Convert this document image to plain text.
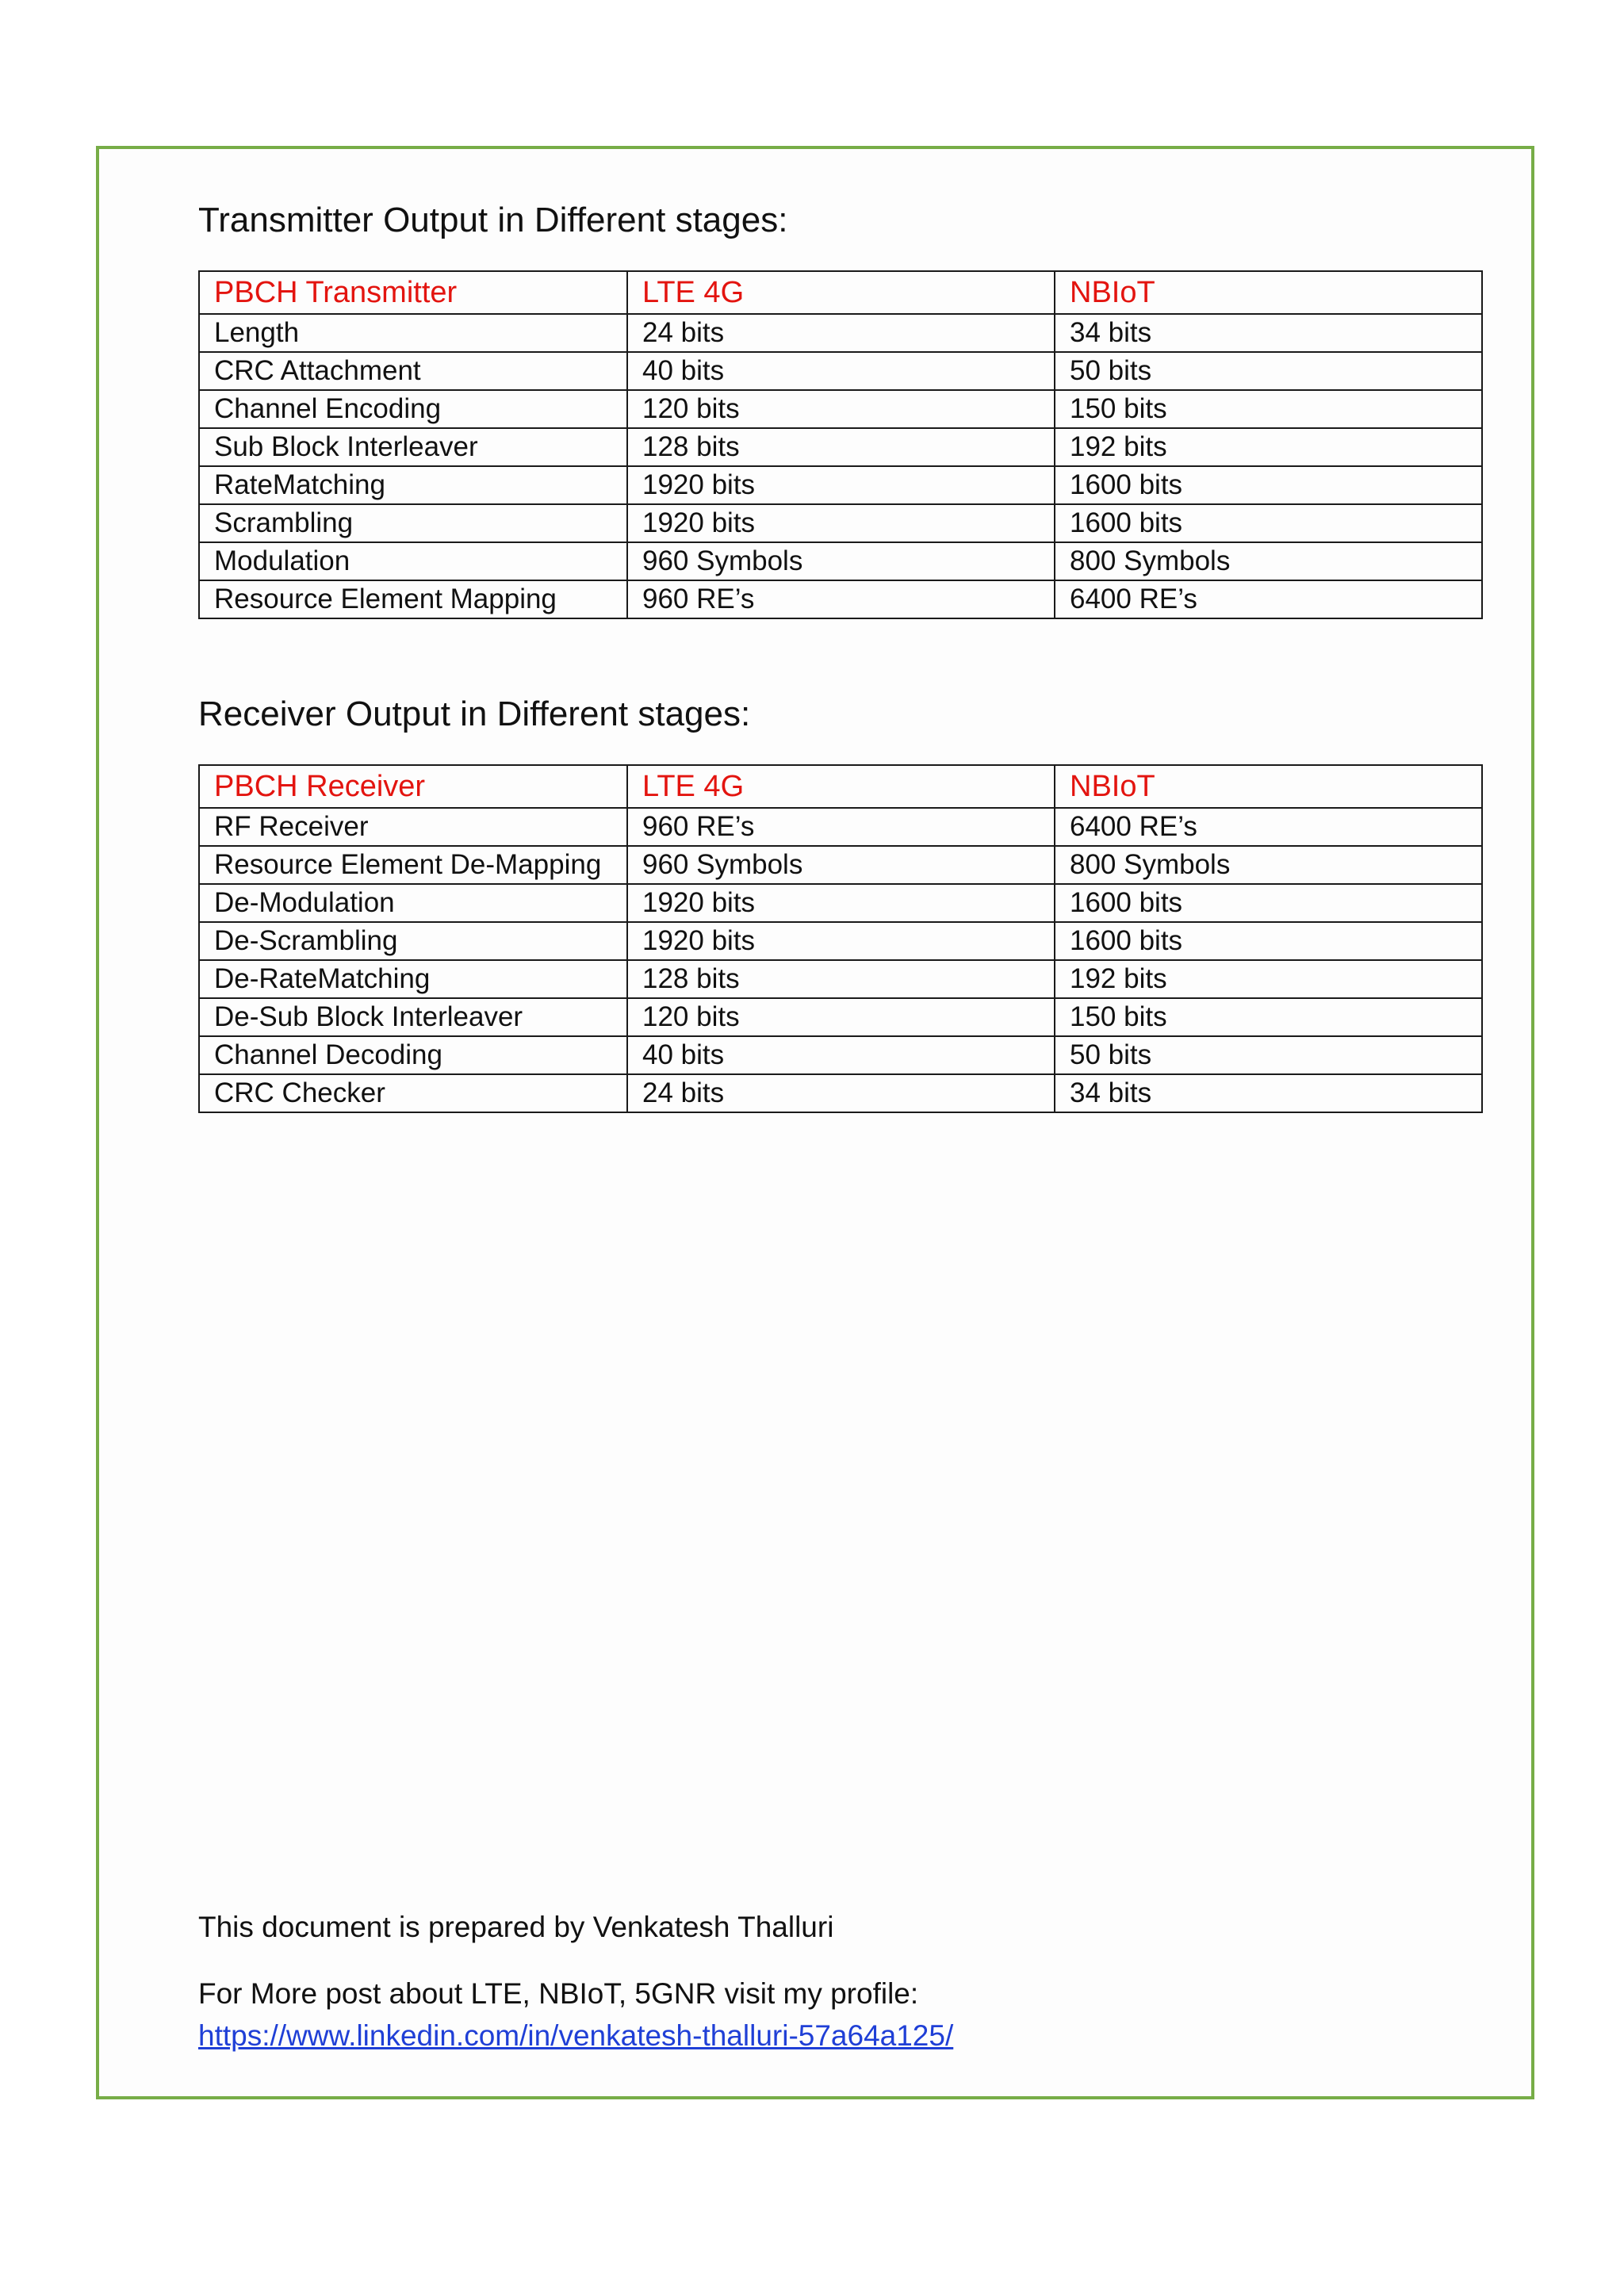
Transmitter Output in Different stages:
PBCH Transmitter	LTE 4G	NBIoT
Length	24 bits	34 bits
CRC Attachment	40 bits	50 bits
Channel Encoding	120 bits	150 bits
Sub Block Interleaver	128 bits	192 bits
RateMatching	1920 bits	1600 bits
Scrambling	1920 bits	1600 bits
Modulation	960 Symbols	800 Symbols
Resource Element Mapping	960 RE’s	6400 RE’s
Receiver Output in Different stages:
PBCH Receiver	LTE 4G	NBIoT
RF Receiver	960 RE’s	6400 RE’s
Resource Element De-Mapping	960 Symbols	800 Symbols
De-Modulation	1920 bits	1600 bits
De-Scrambling	1920 bits	1600 bits
De-RateMatching	128 bits	192 bits
De-Sub Block Interleaver	120 bits	150 bits
Channel Decoding	40 bits	50 bits
CRC Checker	24 bits	34 bits

This document is prepared by Venkatesh Thalluri

For More post about LTE, NBIoT, 5GNR visit my profile:

https://www.linkedin.com/in/venkatesh-thalluri-57a64a125/
